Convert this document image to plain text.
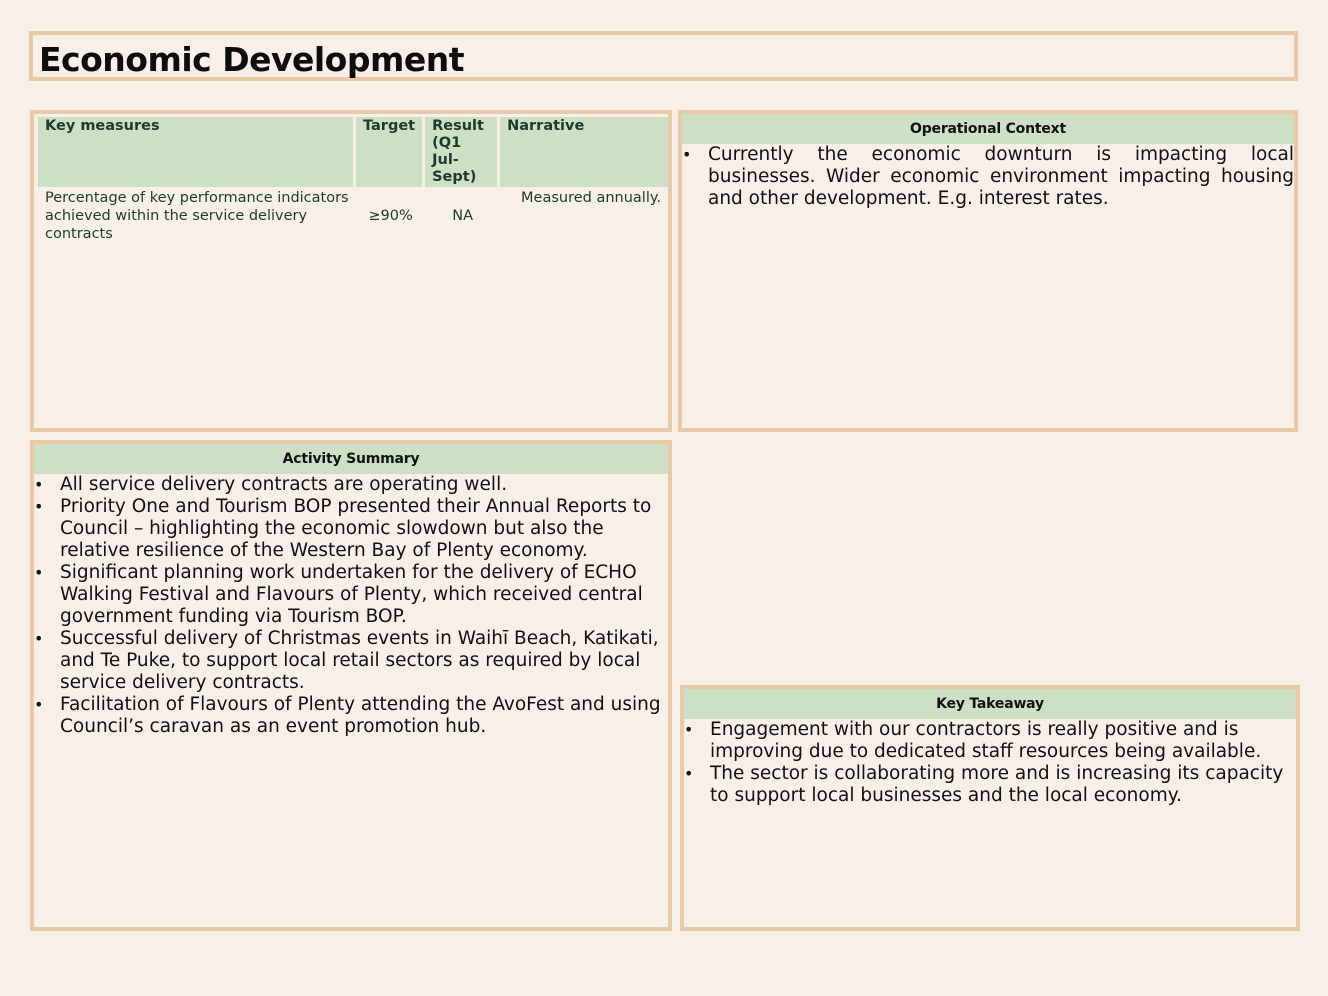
Economic Development
Key measures	Target	Result (Q1 Jul-Sept)	Narrative
Percentage of key performance indicators achieved within the service delivery contracts	≥90%	NA	Measured annually.
Operational Context
• Currently the economic downturn is impacting local businesses. Wider economic environment impacting housing and other development. E.g. interest rates.
Activity Summary
• All service delivery contracts are operating well.
• Priority One and Tourism BOP presented their Annual Reports to Council – highlighting the economic slowdown but also the relative resilience of the Western Bay of Plenty economy.
• Significant planning work undertaken for the delivery of ECHO Walking Festival and Flavours of Plenty, which received central government funding via Tourism BOP.
• Successful delivery of Christmas events in Waihī Beach, Katikati, and Te Puke, to support local retail sectors as required by local service delivery contracts.
• Facilitation of Flavours of Plenty attending the AvoFest and using Council’s caravan as an event promotion hub.
Key Takeaway
• Engagement with our contractors is really positive and is improving due to dedicated staff resources being available.
• The sector is collaborating more and is increasing its capacity to support local businesses and the local economy.
